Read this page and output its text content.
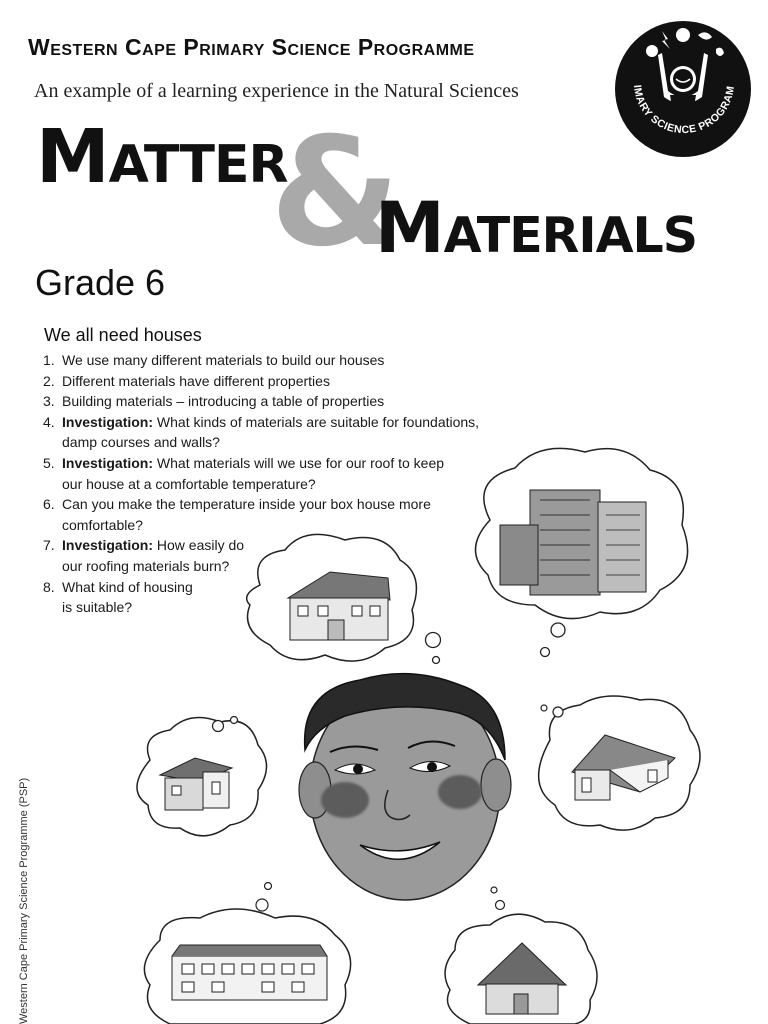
Western Cape Primary Science Programme
An example of a learning experience in the Natural Sciences	IMARY SCIENCE PROGRAM
Matter
&
Materials
Grade 6
We all need houses
1. We use many different materials to build our houses
2. Different materials have different properties
3. Building materials – introducing a table of properties
4. Investigation: What kinds of materials are suitable for foundations,
damp courses and walls?
5. Investigation: What materials will we use for our roof to keep
our house at a comfortable temperature?
6. Can you make the temperature inside your box house more
comfortable?
7. Investigation: How easily do
our roofing materials burn?
8. What kind of housing
is suitable?
Western Cape Primary Science Programme (PSP)
